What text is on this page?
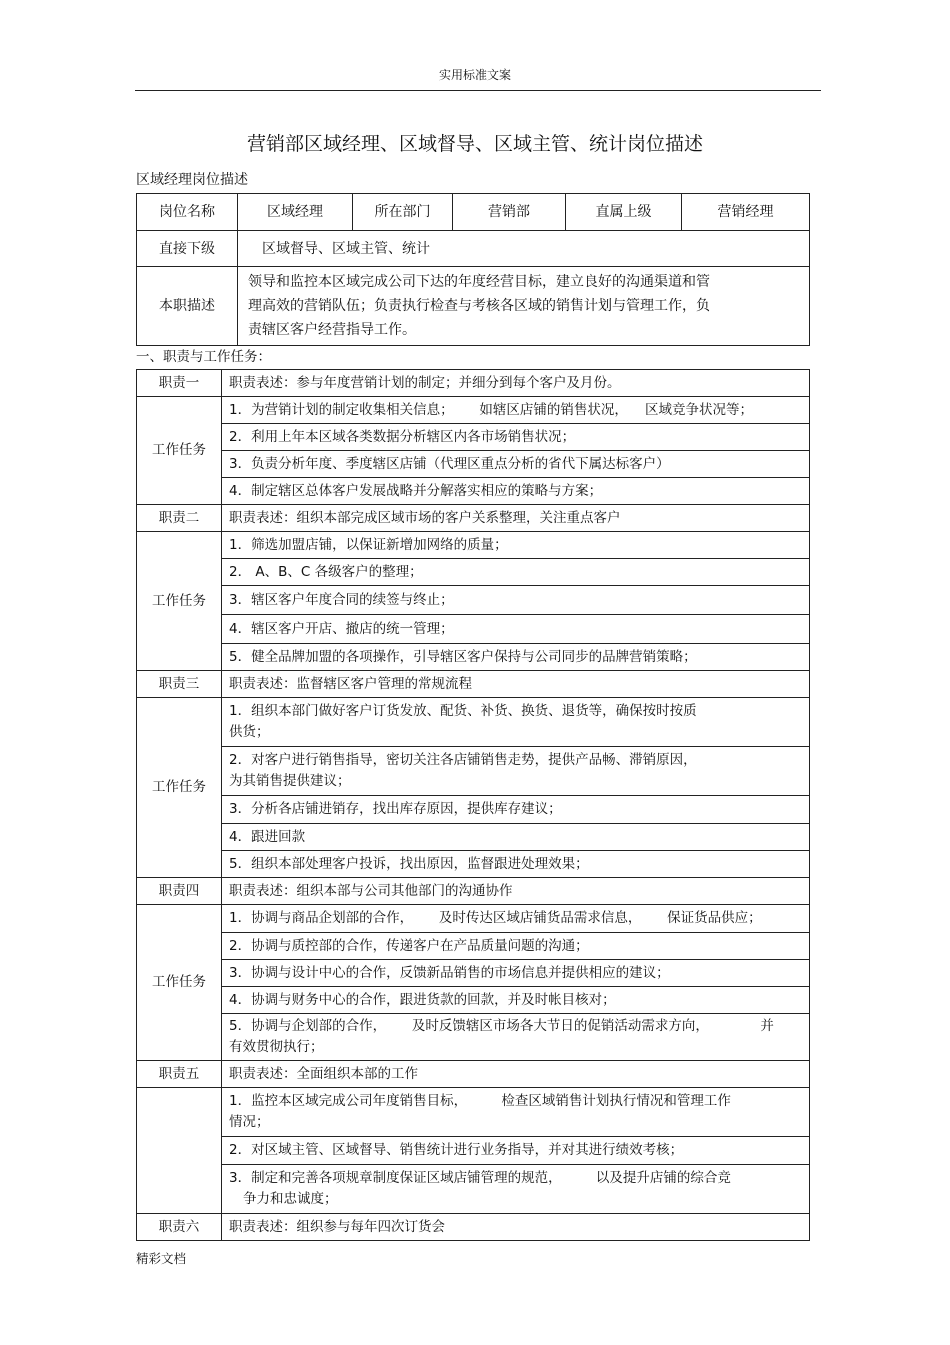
实用标准文案
营销部区域经理、区域督导、区域主管、统计岗位描述
区域经理岗位描述
岗位名称	区域经理	所在部门	营销部	直属上级	营销经理
直接下级	区域督导、区域主管、统计				
本职描述	领导和监控本区域完成公司下达的年度经营目标，建立良好的沟通渠道和管
理高效的营销队伍；负责执行检查与考核各区域的销售计划与管理工作，负
责辖区客户经营指导工作。				
一、职责与工作任务：
职责一	职责表述：参与年度营销计划的制定；并细分到每个客户及月份。
工作任务	1．为营销计划的制定收集相关信息；      如辖区店铺的销售状况，    区域竞争状况等；
	2．利用上年本区域各类数据分析辖区内各市场销售状况；
	3．负责分析年度、季度辖区店铺（代理区重点分析的省代下属达标客户）
	4．制定辖区总体客户发展战略并分解落实相应的策略与方案；
职责二	职责表述：组织本部完成区域市场的客户关系整理，关注重点客户
工作任务	1．筛选加盟店铺，以保证新增加网络的质量；
	2． A、B、C 各级客户的整理；
	3．辖区客户年度合同的续签与终止；
	4．辖区客户开店、撤店的统一管理；
	5．健全品牌加盟的各项操作，引导辖区客户保持与公司同步的品牌营销策略；
职责三	职责表述：监督辖区客户管理的常规流程
工作任务	1．组织本部门做好客户订货发放、配货、补货、换货、退货等，确保按时按质
供货；

	2．对客户进行销售指导，密切关注各店铺销售走势，提供产品畅、滞销原因，
为其销售提供建议；

	3．分析各店铺进销存，找出库存原因，提供库存建议；
	4．跟进回款
	5．组织本部处理客户投诉，找出原因，监督跟进处理效果；
职责四	职责表述：组织本部与公司其他部门的沟通协作
工作任务	1．协调与商品企划部的合作，      及时传达区域店铺货品需求信息，      保证货品供应；
	2．协调与质控部的合作，传递客户在产品质量问题的沟通；
	3．协调与设计中心的合作，反馈新品销售的市场信息并提供相应的建议；
	4．协调与财务中心的合作，跟进货款的回款，并及时帐目核对；

	5．协调与企划部的合作，      及时反馈辖区市场各大节日的促销活动需求方向，            并
有效贯彻执行；

职责五	职责表述：全面组织本部的工作

	1．监控本区域完成公司年度销售目标，        检查区域销售计划执行情况和管理工作
情况；

	2．对区域主管、区域督导、销售统计进行业务指导，并对其进行绩效考核；

	3．制定和完善各项规章制度保证区域店铺管理的规范，        以及提升店铺的综合竞
争力和忠诚度；

职责六	职责表述：组织参与每年四次订货会
精彩文档
